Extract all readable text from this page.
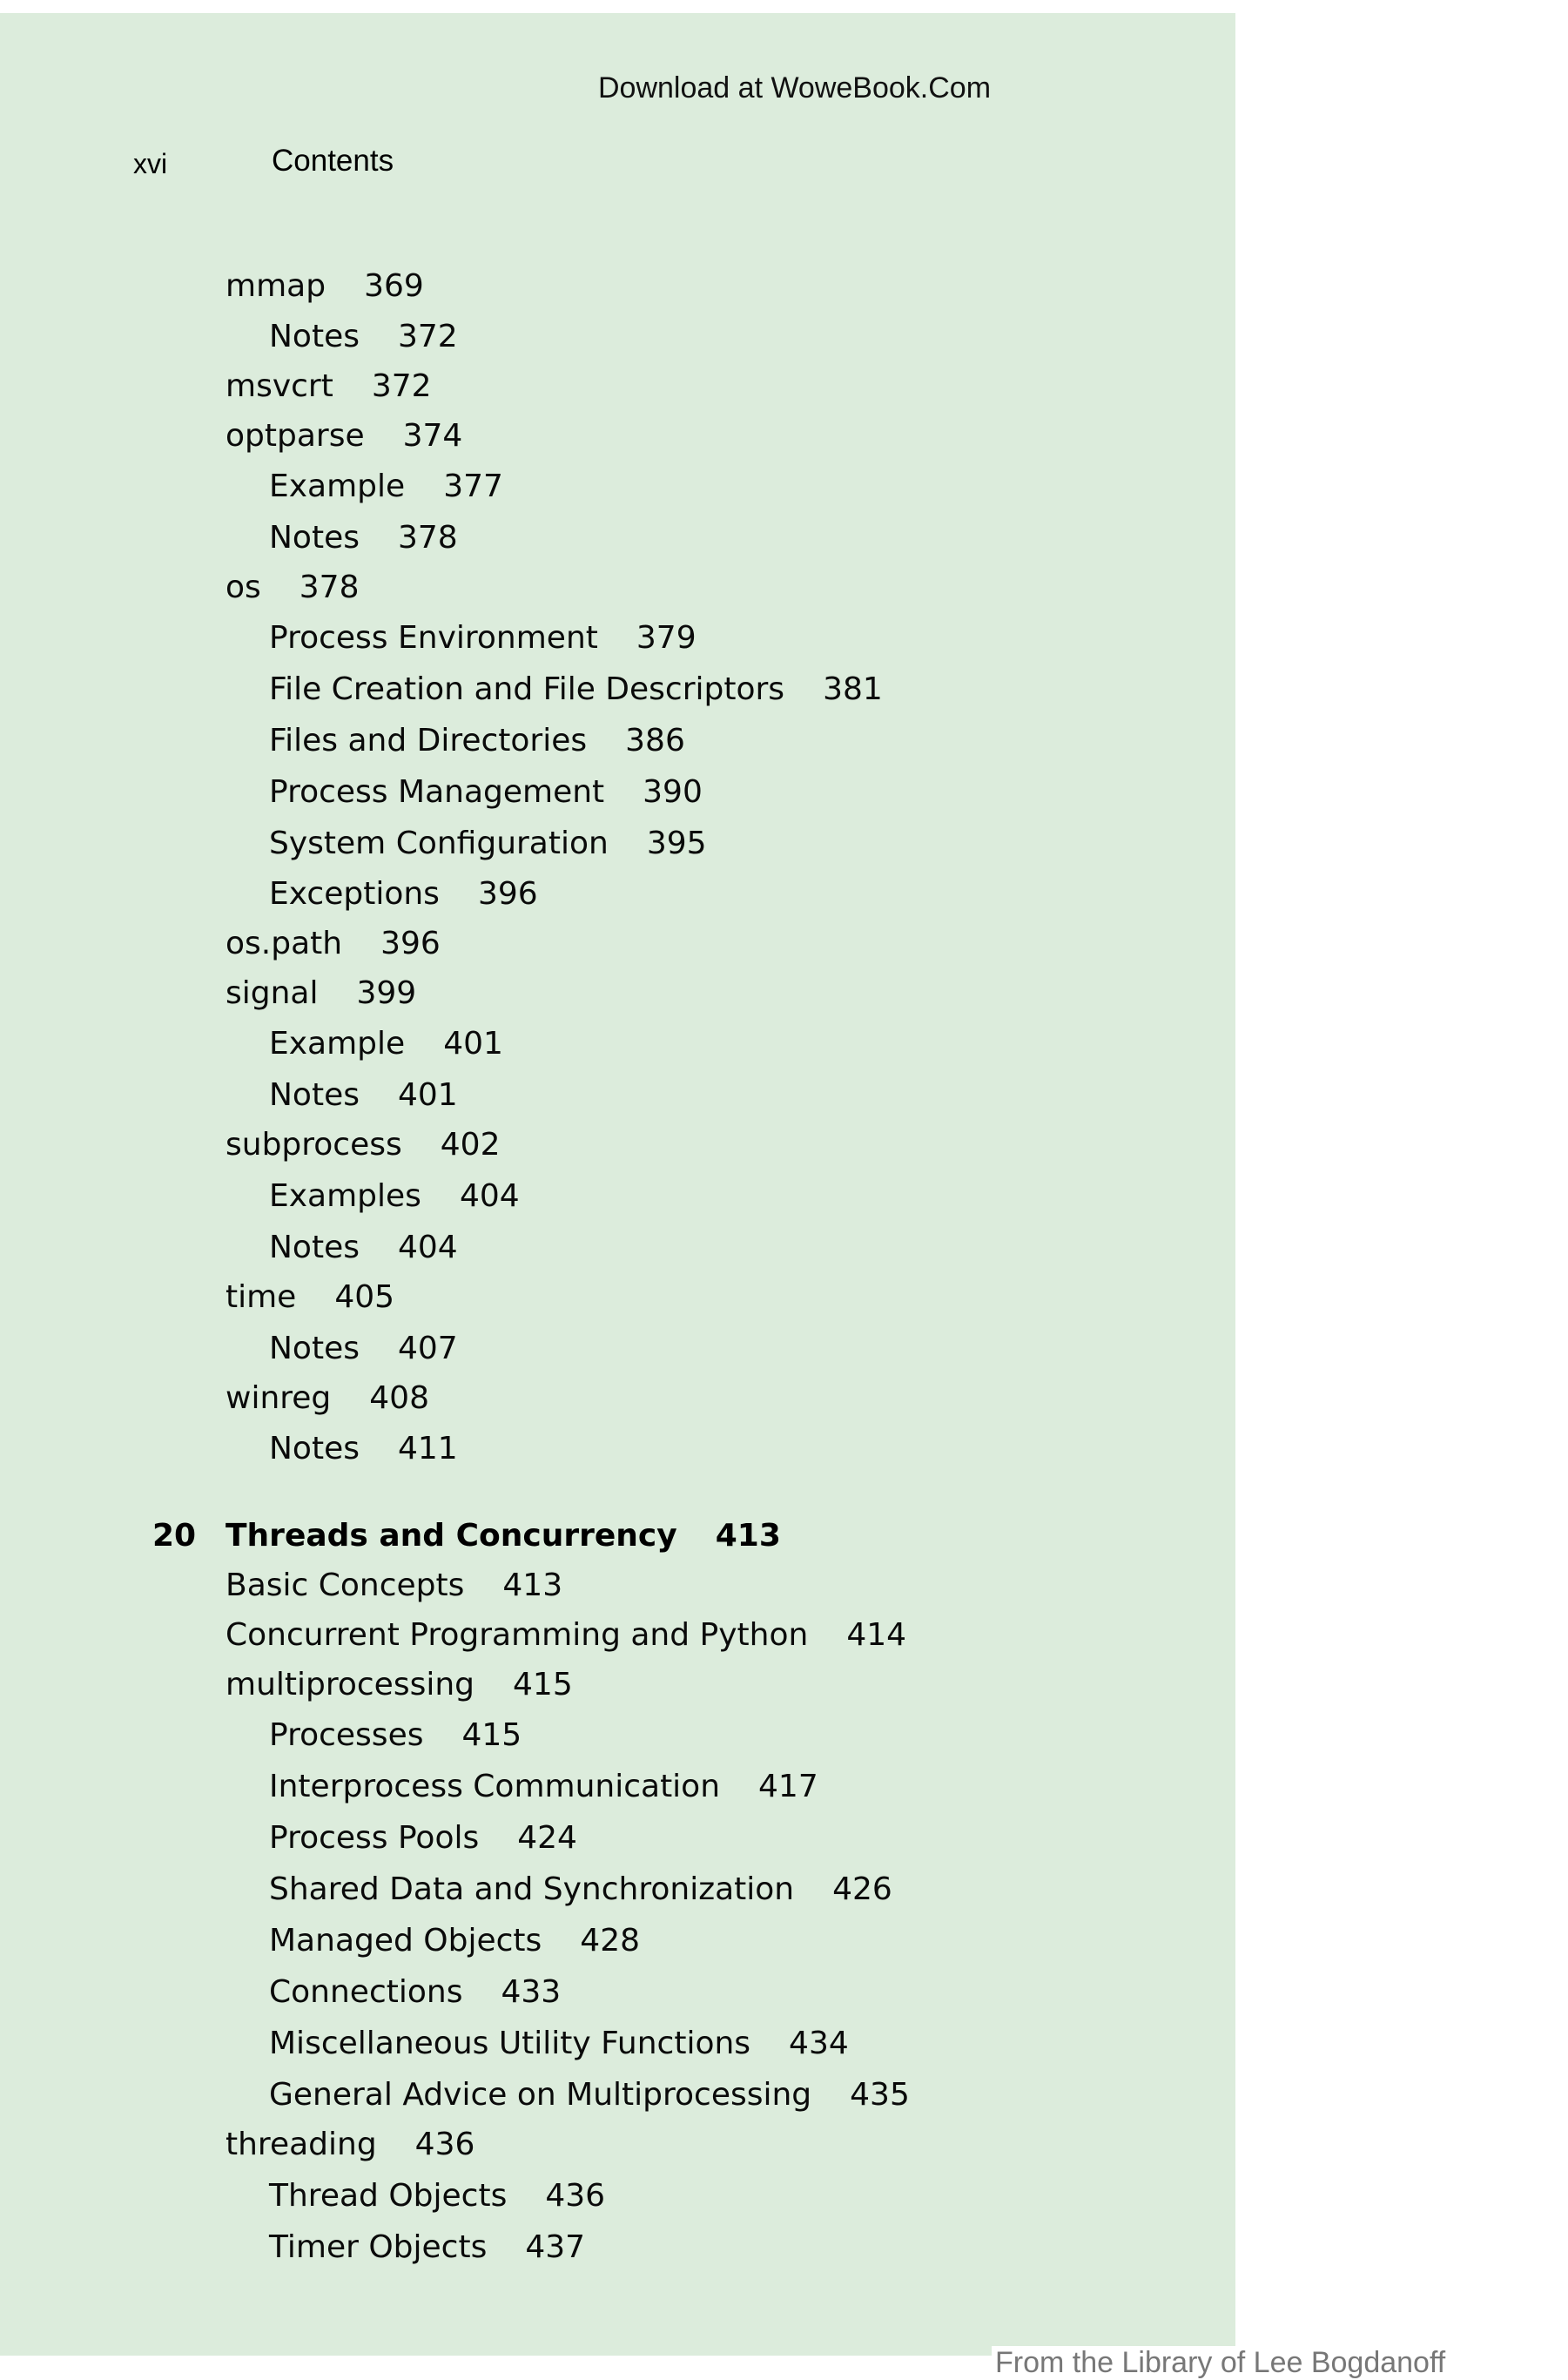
Download at WoweBook.Com
xvi	Contents
mmap 369
Notes 372
msvcrt 372
optparse 374
Example 377
Notes 378
os 378
Process Environment 379
File Creation and File Descriptors 381
Files and Directories 386
Process Management 390
System Configuration 395
Exceptions 396
os.path 396
signal 399
Example 401
Notes 401
subprocess 402
Examples 404
Notes 404
time 405
Notes 407
winreg 408
Notes 411
20 Threads and Concurrency 413
Basic Concepts 413
Concurrent Programming and Python 414
multiprocessing 415
Processes 415
Interprocess Communication 417
Process Pools 424
Shared Data and Synchronization 426
Managed Objects 428
Connections 433
Miscellaneous Utility Functions 434
General Advice on Multiprocessing 435
threading 436
Thread Objects 436
Timer Objects 437
From the Library of Lee Bogdanoff
